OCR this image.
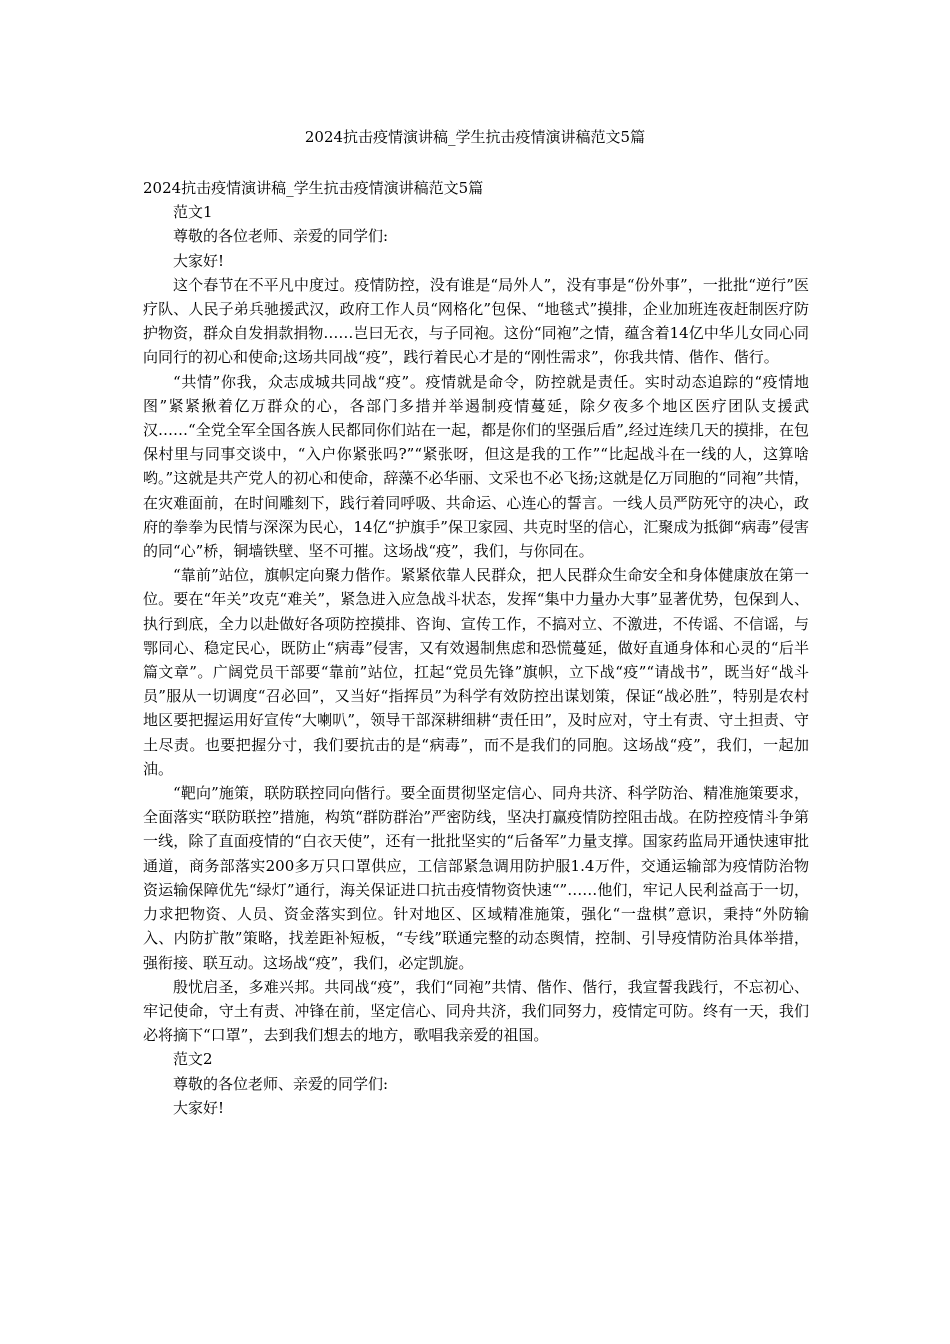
2024抗击疫情演讲稿_学生抗击疫情演讲稿范文5篇

2024抗击疫情演讲稿_学生抗击疫情演讲稿范文5篇

范文1

尊敬的各位老师、亲爱的同学们:

大家好!

这个春节在不平凡中度过。疫情防控，没有谁是“局外人”，没有事是“份外事”，一批批“逆行”医疗队、人民子弟兵驰援武汉，政府工作人员“网格化”包保、“地毯式”摸排，企业加班连夜赶制医疗防护物资，群众自发捐款捐物……岂曰无衣，与子同袍。这份“同袍”之情，蕴含着14亿中华儿女同心同向同行的初心和使命;这场共同战“疫”，践行着民心才是的“刚性需求”，你我共情、偕作、偕行。

“共情”你我，众志成城共同战“疫”。疫情就是命令，防控就是责任。实时动态追踪的“疫情地图”紧紧揪着亿万群众的心，各部门多措并举遏制疫情蔓延，除夕夜多个地区医疗团队支援武汉……“全党全军全国各族人民都同你们站在一起，都是你们的坚强后盾”,经过连续几天的摸排，在包保村里与同事交谈中，“入户你紧张吗?”“紧张呀，但这是我的工作”“比起战斗在一线的人，这算啥哟。”这就是共产党人的初心和使命，辞藻不必华丽、文采也不必飞扬;这就是亿万同胞的“同袍”共情，在灾难面前，在时间雕刻下，践行着同呼吸、共命运、心连心的誓言。一线人员严防死守的决心，政府的拳拳为民情与深深为民心，14亿“护旗手”保卫家园、共克时坚的信心，汇聚成为抵御“病毒”侵害的同“心”桥，铜墙铁壁、坚不可摧。这场战“疫”，我们，与你同在。

“靠前”站位，旗帜定向聚力偕作。紧紧依靠人民群众，把人民群众生命安全和身体健康放在第一位。要在“年关”攻克“难关”，紧急进入应急战斗状态，发挥“集中力量办大事”显著优势，包保到人、执行到底，全力以赴做好各项防控摸排、咨询、宣传工作，不搞对立、不激进，不传谣、不信谣，与鄂同心、稳定民心，既防止“病毒”侵害，又有效遏制焦虑和恐慌蔓延，做好直通身体和心灵的“后半篇文章”。广阔党员干部要“靠前”站位，扛起“党员先锋”旗帜，立下战“疫”“请战书”，既当好“战斗员”服从一切调度“召必回”，又当好“指挥员”为科学有效防控出谋划策，保证“战必胜”，特别是农村地区要把握运用好宣传“大喇叭”，领导干部深耕细耕“责任田”，及时应对，守土有责、守土担责、守土尽责。也要把握分寸，我们要抗击的是“病毒”，而不是我们的同胞。这场战“疫”，我们，一起加油。

“靶向”施策，联防联控同向偕行。要全面贯彻坚定信心、同舟共济、科学防治、精准施策要求，全面落实“联防联控”措施，构筑“群防群治”严密防线，坚决打赢疫情防控阻击战。在防控疫情斗争第一线，除了直面疫情的“白衣天使”，还有一批批坚实的“后备军”力量支撑。国家药监局开通快速审批通道，商务部落实200多万只口罩供应，工信部紧急调用防护服1.4万件，交通运输部为疫情防治物资运输保障优先“绿灯”通行，海关保证进口抗击疫情物资快速“”……他们，牢记人民利益高于一切，力求把物资、人员、资金落实到位。针对地区、区域精准施策，强化“一盘棋”意识，秉持“外防输入、内防扩散”策略，找差距补短板，“专线”联通完整的动态舆情，控制、引导疫情防治具体举措，强衔接、联互动。这场战“疫”，我们，必定凯旋。

殷忧启圣，多难兴邦。共同战“疫”，我们“同袍”共情、偕作、偕行，我宣誓我践行，不忘初心、牢记使命，守土有责、冲锋在前，坚定信心、同舟共济，我们同努力，疫情定可防。终有一天，我们必将摘下“口罩”，去到我们想去的地方，歌唱我亲爱的祖国。

范文2

尊敬的各位老师、亲爱的同学们:

大家好!
